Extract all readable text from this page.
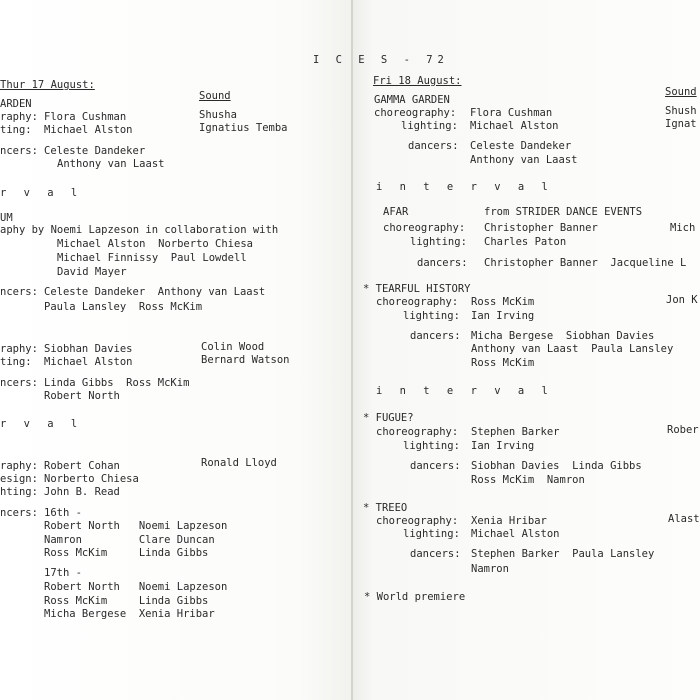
I C E S - 72
Thur 17 August:
Sound
ARDEN
raphy: Flora Cushman	Shusha
ting: Michael Alston	Ignatius Temba
ncers: Celeste Dandeker
Anthony van Laast
r v a l
UM
aphy by Noemi Lapzeson in collaboration with
Michael Alston  Norberto Chiesa
Michael Finnissy  Paul Lowdell
David Mayer
ncers: Celeste Dandeker  Anthony van Laast
Paula Lansley  Ross McKim
raphy: Siobhan Davies	Colin Wood
ting: Michael Alston	Bernard Watson
ncers: Linda Gibbs  Ross McKim
Robert North
r v a l
raphy: Robert Cohan	Ronald Lloyd
esign: Norberto Chiesa
hting: John B. Read
ncers: 16th -
Robert North   Noemi Lapzeson
Namron         Clare Duncan
Ross McKim     Linda Gibbs
17th -
Robert North   Noemi Lapzeson
Ross McKim     Linda Gibbs
Micha Bergese  Xenia Hribar
Fri 18 August:
Sound
GAMMA GARDEN
choreography: Flora Cushman	Shush
lighting: Michael Alston	Ignat
dancers: Celeste Dandeker
Anthony van Laast
i n t e r v a l
AFAR	from STRIDER DANCE EVENTS
choreography: Christopher Banner	Mich
lighting: Charles Paton
dancers: Christopher Banner  Jacqueline L
* TEARFUL HISTORY
choreography: Ross McKim	Jon K
lighting: Ian Irving
dancers: Micha Bergese  Siobhan Davies
Anthony van Laast  Paula Lansley
Ross McKim
i n t e r v a l
* FUGUE?
choreography: Stephen Barker	Rober
lighting: Ian Irving
dancers: Siobhan Davies  Linda Gibbs
Ross McKim  Namron
* TREEO
choreography: Xenia Hribar	Alast
lighting: Michael Alston
dancers: Stephen Barker  Paula Lansley
Namron
* World premiere
